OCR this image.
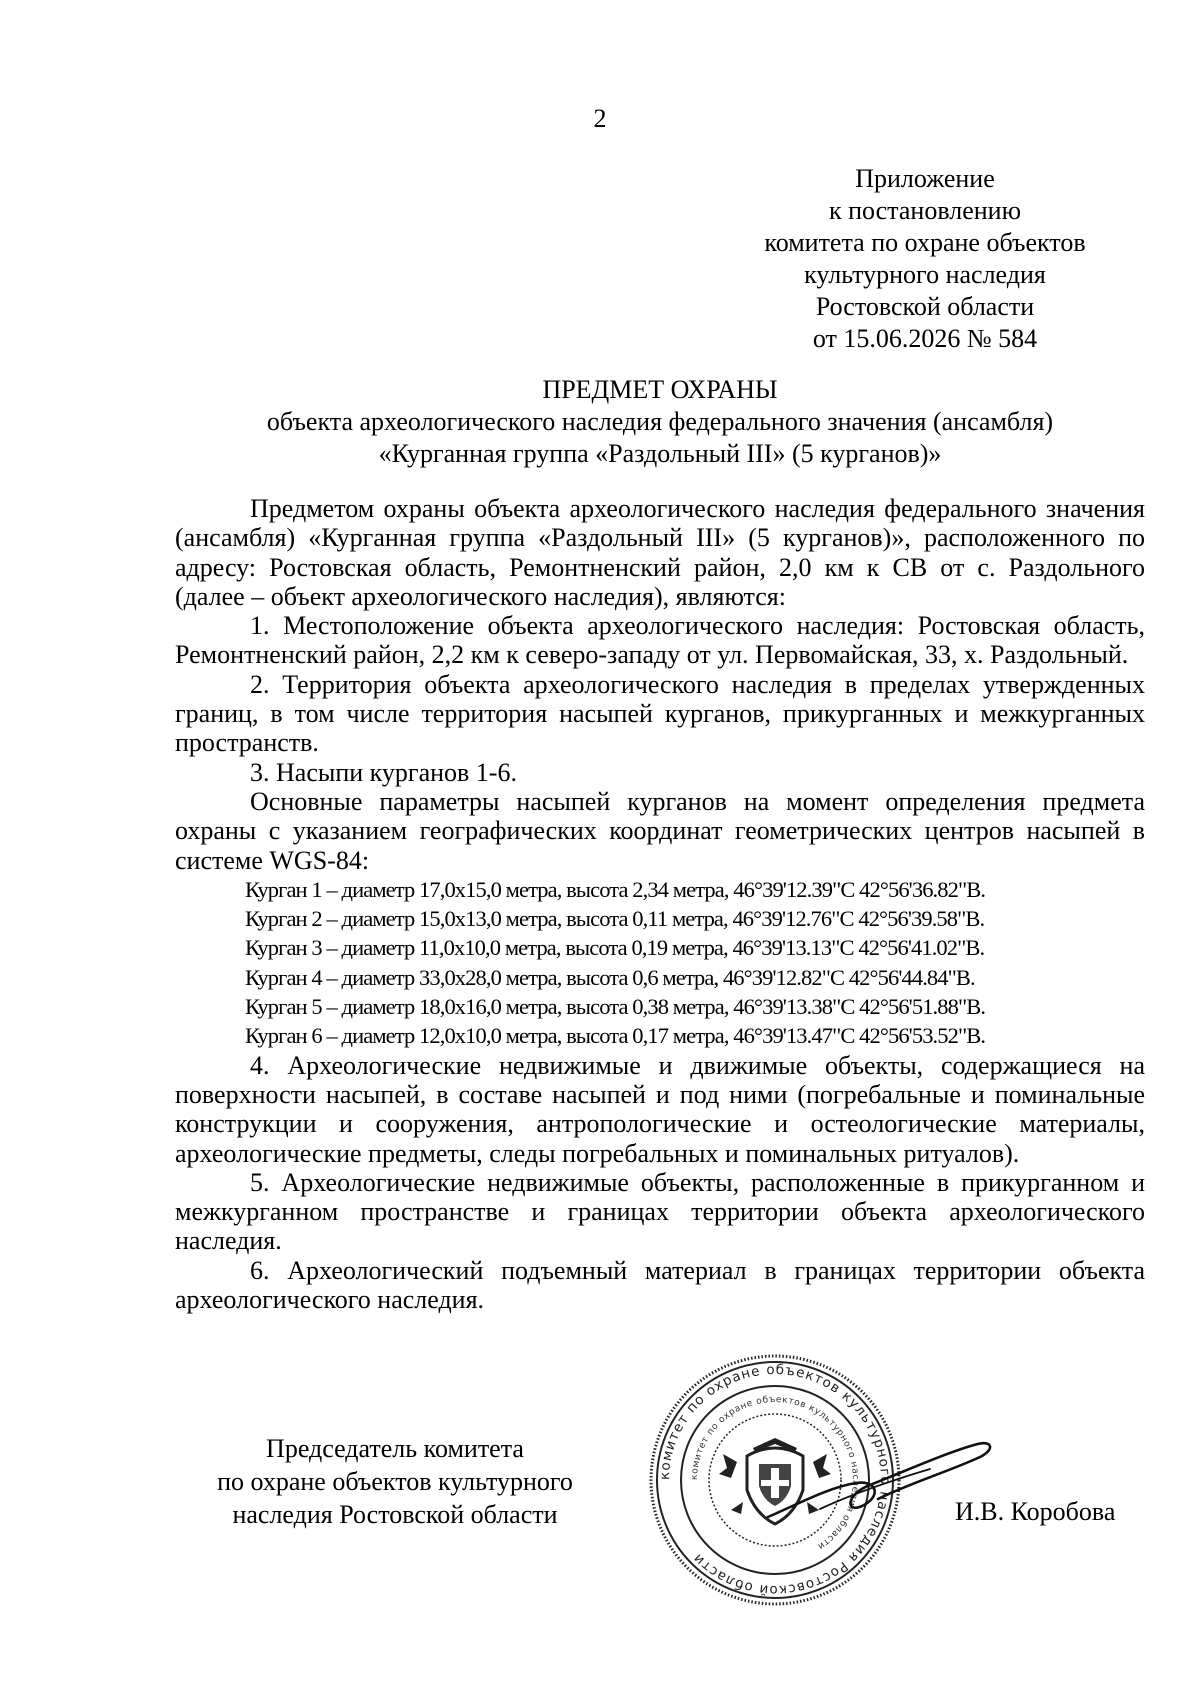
2
Приложение
к постановлению
комитета по охране объектов
культурного наследия
Ростовской области
от 15.06.2026 № 584
ПРЕДМЕТ ОХРАНЫ
объекта археологического наследия федерального значения (ансамбля)
«Курганная группа «Раздольный III» (5 курганов)»

Предметом охраны объекта археологического наследия федерального значения (ансамбля) «Курганная группа «Раздольный III» (5 курганов)», расположенного по адресу: Ростовская область, Ремонтненский район, 2,0 км к СВ от с. Раздольного (далее – объект археологического наследия), являются:

1. Местоположение объекта археологического наследия: Ростовская область, Ремонтненский район, 2,2 км к северо-западу от ул. Первомайская, 33, х. Раздольный.

2. Территория объекта археологического наследия в пределах утвержденных границ, в том числе территория насыпей курганов, прикурганных и межкурганных пространств.

3. Насыпи курганов 1-6.

Основные параметры насыпей курганов на момент определения предмета охраны с указанием географических координат геометрических центров насыпей в системе WGS-84:

Курган 1 – диаметр 17,0х15,0 метра, высота 2,34 метра, 46°39'12.39"С 42°56'36.82"В.

Курган 2 – диаметр 15,0х13,0 метра, высота 0,11 метра, 46°39'12.76"С 42°56'39.58"В.

Курган 3 – диаметр 11,0х10,0 метра, высота 0,19 метра, 46°39'13.13"С 42°56'41.02"В.

Курган 4 – диаметр 33,0х28,0 метра, высота 0,6 метра, 46°39'12.82"С 42°56'44.84"В.

Курган 5 – диаметр 18,0х16,0 метра, высота 0,38 метра, 46°39'13.38"С 42°56'51.88"В.

Курган 6 – диаметр 12,0х10,0 метра, высота 0,17 метра, 46°39'13.47"С 42°56'53.52"В.

4. Археологические недвижимые и движимые объекты, содержащиеся на поверхности насыпей, в составе насыпей и под ними (погребальные и поминальные конструкции и сооружения, антропологические и остеологические материалы, археологические предметы, следы погребальных и поминальных ритуалов).

5. Археологические недвижимые объекты, расположенные в прикурганном и межкурганном пространстве и границах территории объекта археологического наследия.

6. Археологический подъемный материал в границах территории объекта археологического наследия.

Председатель комитета
по охране объектов культурного
наследия Ростовской области
комитет по охране объектов культурного наследия Ростовской области
комитет по охране объектов культурного наследия области
И.В. Коробова
